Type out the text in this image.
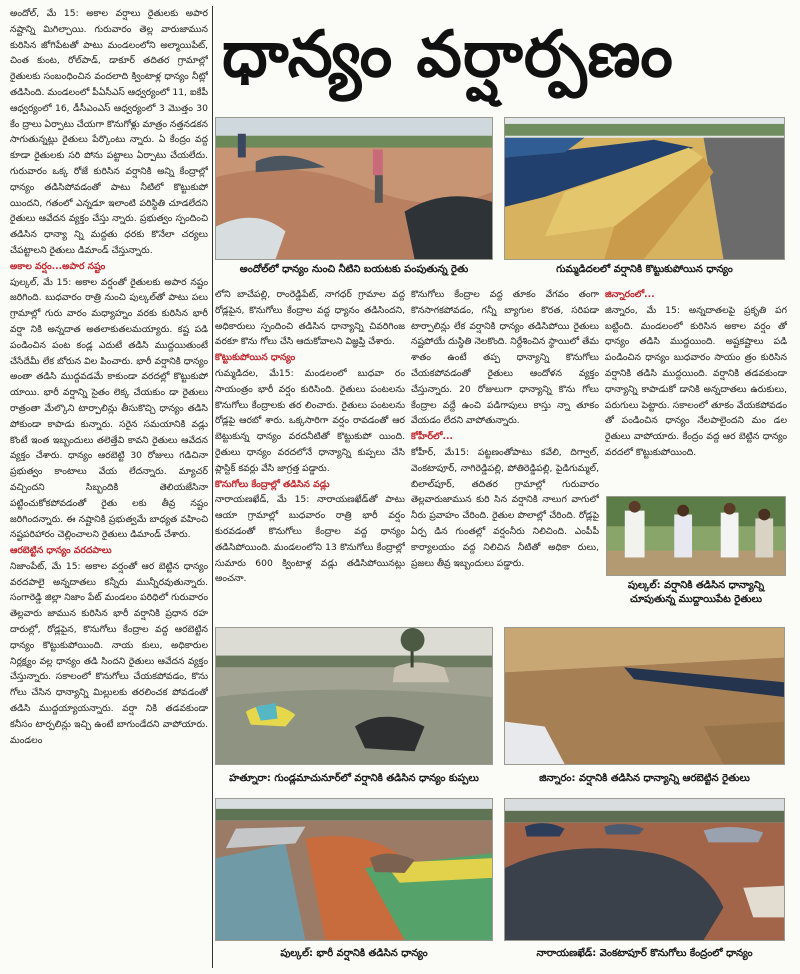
ధాన్యం వర్షార్పణం

అందోల్, మే 15: అకాల వర్షాలు రైతులకు అపార నష్టాన్ని మిగిల్చాయి. గురువారం తెల్ల వారుజామున కురిసిన జోగిపేటతో పాటు మండలంలోని అల్మాయిపేట్, చింత కుంట, రోల్‌పాడ్, డాకూర్ తదితర గ్రామాల్లో రైతులకు సంబంధించిన వందలాది క్వింటాళ్ల ధాన్యం నీట్లో తడిసింది. మండలంలో పీఏసీఎస్ ఆధ్వర్యంలో 11, ఐకేపీ ఆధ్వర్యంలో 16, డీసీఎంఎస్ ఆధ్వర్యంలో 3 మొత్తం 30 కేం ద్రాలు ఏర్పాటు చేయగా కొనుగోళ్లు మాత్రం నత్తనడకన సాగుతున్నట్లు రైతులు పేర్కొంటు న్నారు. ఏ కేంద్రం వద్ద కూడా రైతులకు సరి పోను పట్టాలు ఏర్పాటు చేయలేదు. గురువారం ఒక్క రోజే కురిసిన వర్షానికి అన్ని కేంద్రాల్లో ధాన్యం తడిసిపోవడంతో పాటు నీటిలో కొట్టుకుపో యిందని, గతంలో ఎన్నడూ ఇలాంటి పరిస్థితి చూడలేదని రైతులు ఆవేదన వ్యక్తం చేస్తు న్నారు. ప్రభుత్వం స్పందించి తడిసిన ధాన్యా న్ని మద్దతు ధరకు కొనేలా చర్యలు చేపట్టాలని రైతులు డిమాండ్ చేస్తున్నారు.

అకాల వర్షం...అపార నష్టం

పుల్కల్, మే 15: అకాల వర్షంతో రైతులకు అపార నష్టం జరిగింది. బుధవారం రాత్రి నుంచి పుల్కల్‌తో పాటు పలు గ్రామాల్లో గురు వారం మధ్యాహ్నం వరకు కురిసిన భారీ వర్షా నికి అన్నదాత అతలాకుతలమయ్యారు. కష్ట పడి పండించిన పంట కండ్ల ఎదుటే తడిసి ముద్దయితుంటే చేసేదేమీ లేక బోరున విల పించారు. భారీ వర్షానికి ధాన్యం అంతా తడిసి ముద్దవడమే కాకుండా వరదల్లో కొట్టుకుపో యాయి. భారీ వర్షాన్ని సైతం లెక్క చేయకుం డా రైతులు రాత్రంతా మేల్కొని టార్పాలిన్లు తీసుకొచ్చి ధాన్యం తడిసి పోకుండా కాపాడు కున్నారు. సరైన సమయానికి వడ్లు కొంటే ఇంత ఇబ్బందులు తలెత్తేవి కావని రైతులు ఆవేదన వ్యక్తం చేశారు. ధాన్యం ఆరబెట్టి 30 రోజులు గడిచినా ప్రభుత్వం కాంటాలు వేయ లేదన్నారు. మ్యాచర్ వచ్చిందని సిబ్బందికి తెలియజేసినా పట్టించుకోకపోవడంతో రైతు లకు తీవ్ర నష్టం జరిగిందన్నారు. ఈ నష్టానికి ప్రభుత్వమే బాధ్యత వహించి నష్టపరిహారం చెల్లించాలని రైతులు డిమాండ్ చేశారు.

ఆరబెట్టిన ధాన్యం వరదపాలు

నిజాంపేట్, మే 15: అకాల వర్షంతో ఆర బెట్టిన ధాన్యం వరదపాలై అన్నదాతలు కన్నీరు మున్నీరవుతున్నారు. సంగారెడ్డి జిల్లా నిజాం పేట్ మండలం పరిధిలో గురువారం తెల్లవారు జామున కురిసిన భారీ వర్షానికి ప్రధాన రహ దారుల్లో, రోడ్లపైన, కొనుగోలు కేంద్రాల వద్ద ఆరబెట్టిన ధాన్యం కొట్టుకుపోయింది. నాయ కులు, అధికారుల నిర్లక్ష్యం వల్ల ధాన్యం తడి సిందని రైతులు ఆవేదన వ్యక్తం చేస్తున్నారు. సకాలంలో కొనుగోలు చేయకపోవడం, కొను గోలు చేసిన ధాన్యాన్ని మిల్లులకు తరలించక పోవడంతో తడిసి ముద్దయ్యాయన్నారు. వర్షా నికి తడవకుండా కనీసం టార్పలిన్లు ఇచ్చి ఉంటే బాగుండేదని వాపోయారు. మండలం

అందోల్‌లో ధాన్యం నుంచి నీటిని బయటకు పంపుతున్న రైతు	గుమ్మడిదలలో వర్షానికి కొట్టుకుపోయిన ధాన్యం

లోని బాచేపల్లి, రాంరెడ్డిపేట్, నాగధర్ గ్రామాల వద్ద రోడ్లపైన, కొనుగోలు కేంద్రాల వద్ద ధ్యానం తడిసిందని, అధికారులు స్పందించి తడిసిన ధాన్యాన్ని చివరిగింజ వరకూ కొను గోలు చేసి ఆదుకోవాలని విజ్ఞప్తి చేశారు.

కొట్టుకుపోయిన ధాన్యం

గుమ్మడిదల, మే15: మండలంలో బుధవా రం సాయంత్రం భారీ వర్షం కురిసింది. రైతులు పంటలను కొనుగోలు కేంద్రాలకు తర లించారు. రైతులు పంటలను రోడ్లపై ఆరబో శారు. ఒక్కసారిగా వర్షం రావడంతో ఆర బెట్టుకున్న ధాన్యం వరదనీటితో కొట్టుకుపో యింది. రైతులు ధాన్యం వరదలోనే ధాన్యాన్ని కుప్పలు చేసి ప్లాస్టిక్ కవర్లు వేసి జాగ్రత్త పడ్డారు.

కొనుగోలు కేంద్రాల్లో తడిసిన వడ్లు

నారాయణఖేడ్, మే 15: నారాయణఖేడ్‌తో పాటు ఆయా గ్రామాల్లో బుధవారం రాత్రి భారీ వర్షం కురవడంతో కొనుగోలు కేంద్రాల వద్ద ధాన్యం తడిసిపోయింది. మండలంలోని 13 కొనుగోలు కేంద్రాల్లో సుమారు 600 క్వింటాళ్ల వడ్లు తడిసిపోయినట్లు అంచనా.

కొనుగోలు కేంద్రాల వద్ద తూకం వేగవం తంగా కొనసాగకపోవడం, గన్నీ బ్యాగుల కొరత, సరిపడా టార్పాలిన్లు లేక వర్షానికి ధాన్యం తడిసిపోయి రైతులు నష్టపోయే దుస్థితి నెలకొంది. నిర్దేశించిన స్థాయిలో తేమ శాతం ఉంటే తప్ప ధాన్యాన్ని కొనుగోలు చేయకపోవడంతో రైతులు ఆందోళన వ్యక్తం చేస్తున్నారు. 20 రోజులుగా ధాన్యాన్ని కొను గోలు కేంద్రాల వద్దే ఉంచి పడిగాపులు కాస్తు న్నా తూకం వేయడం లేదని వాపోతున్నారు.

కోహీర్‌లో...

కోహీర్, మే15: పట్టణంతోపాటు కవేలి, దిగ్వాల్, వెంకటాపూర్, నాగిరెడ్డిపల్లి, పోతిరెడ్డిపల్లి, పైడిగుమ్మల్, బిలాల్‌పూర్, తదితర గ్రామాల్లో గురువారం తెల్లవారుజామున కురి సిన వర్షానికి నాలుగ వాగులో నీరు ప్రవాహం చేరింది. రైతుల పొలాల్లో చేరింది. రోడ్లపై ఏర్ప డిన గుంతల్లో వర్షంనీరు నిలిచింది. ఎంపీపీ కార్యాలయం వద్ద నిలిచిన నీటితో అధికా రులు, ప్రజలు తీవ్ర ఇబ్బందులు పడ్డారు.

జిన్నారంలో...

జిన్నారం, మే 15: అన్నదాతలపై ప్రకృతి పగ బట్టింది. మండలంలో కురిసిన అకాల వర్షం తో ధాన్యం తడిసి ముద్దయింది. అష్టకష్టాలు పడి పండించిన ధాన్యం బుధవారం సాయం త్రం కురిసిన వర్షానికి తడిసి ముద్దయింది. వర్షానికి తడవకుండా ధాన్యాన్ని కాపాడుకో డానికి అన్నదాతలు ఉరుకులు, పరుగులు పెట్టారు. సకాలంలో తూకం వేయకపోవడం తో పండించిన ధాన్యం నేలపాలైందని మం డల రైతులు వాపోయారు. కేంద్రం వద్ద ఆర బెట్టిన ధాన్యం వరదలో కొట్టుకుపోయింది.

పుల్కల్: వర్షానికి తడిసిన ధాన్యాన్ని చూపుతున్న ముద్దాయిపేట రైతులు
హత్నూరా: గుండ్లమాచునూర్‌లో వర్షానికి తడిసిన ధాన్యం కుప్పలు	జిన్నారం: వర్షానికి తడిసిన ధాన్యాన్ని ఆరబెట్టిన రైతులు
పుల్కల్: భారీ వర్షానికి తడిసిన ధాన్యం	నారాయణఖేడ్: వెంకటాపూర్ కొనుగోలు కేంద్రంలో ధాన్యం
